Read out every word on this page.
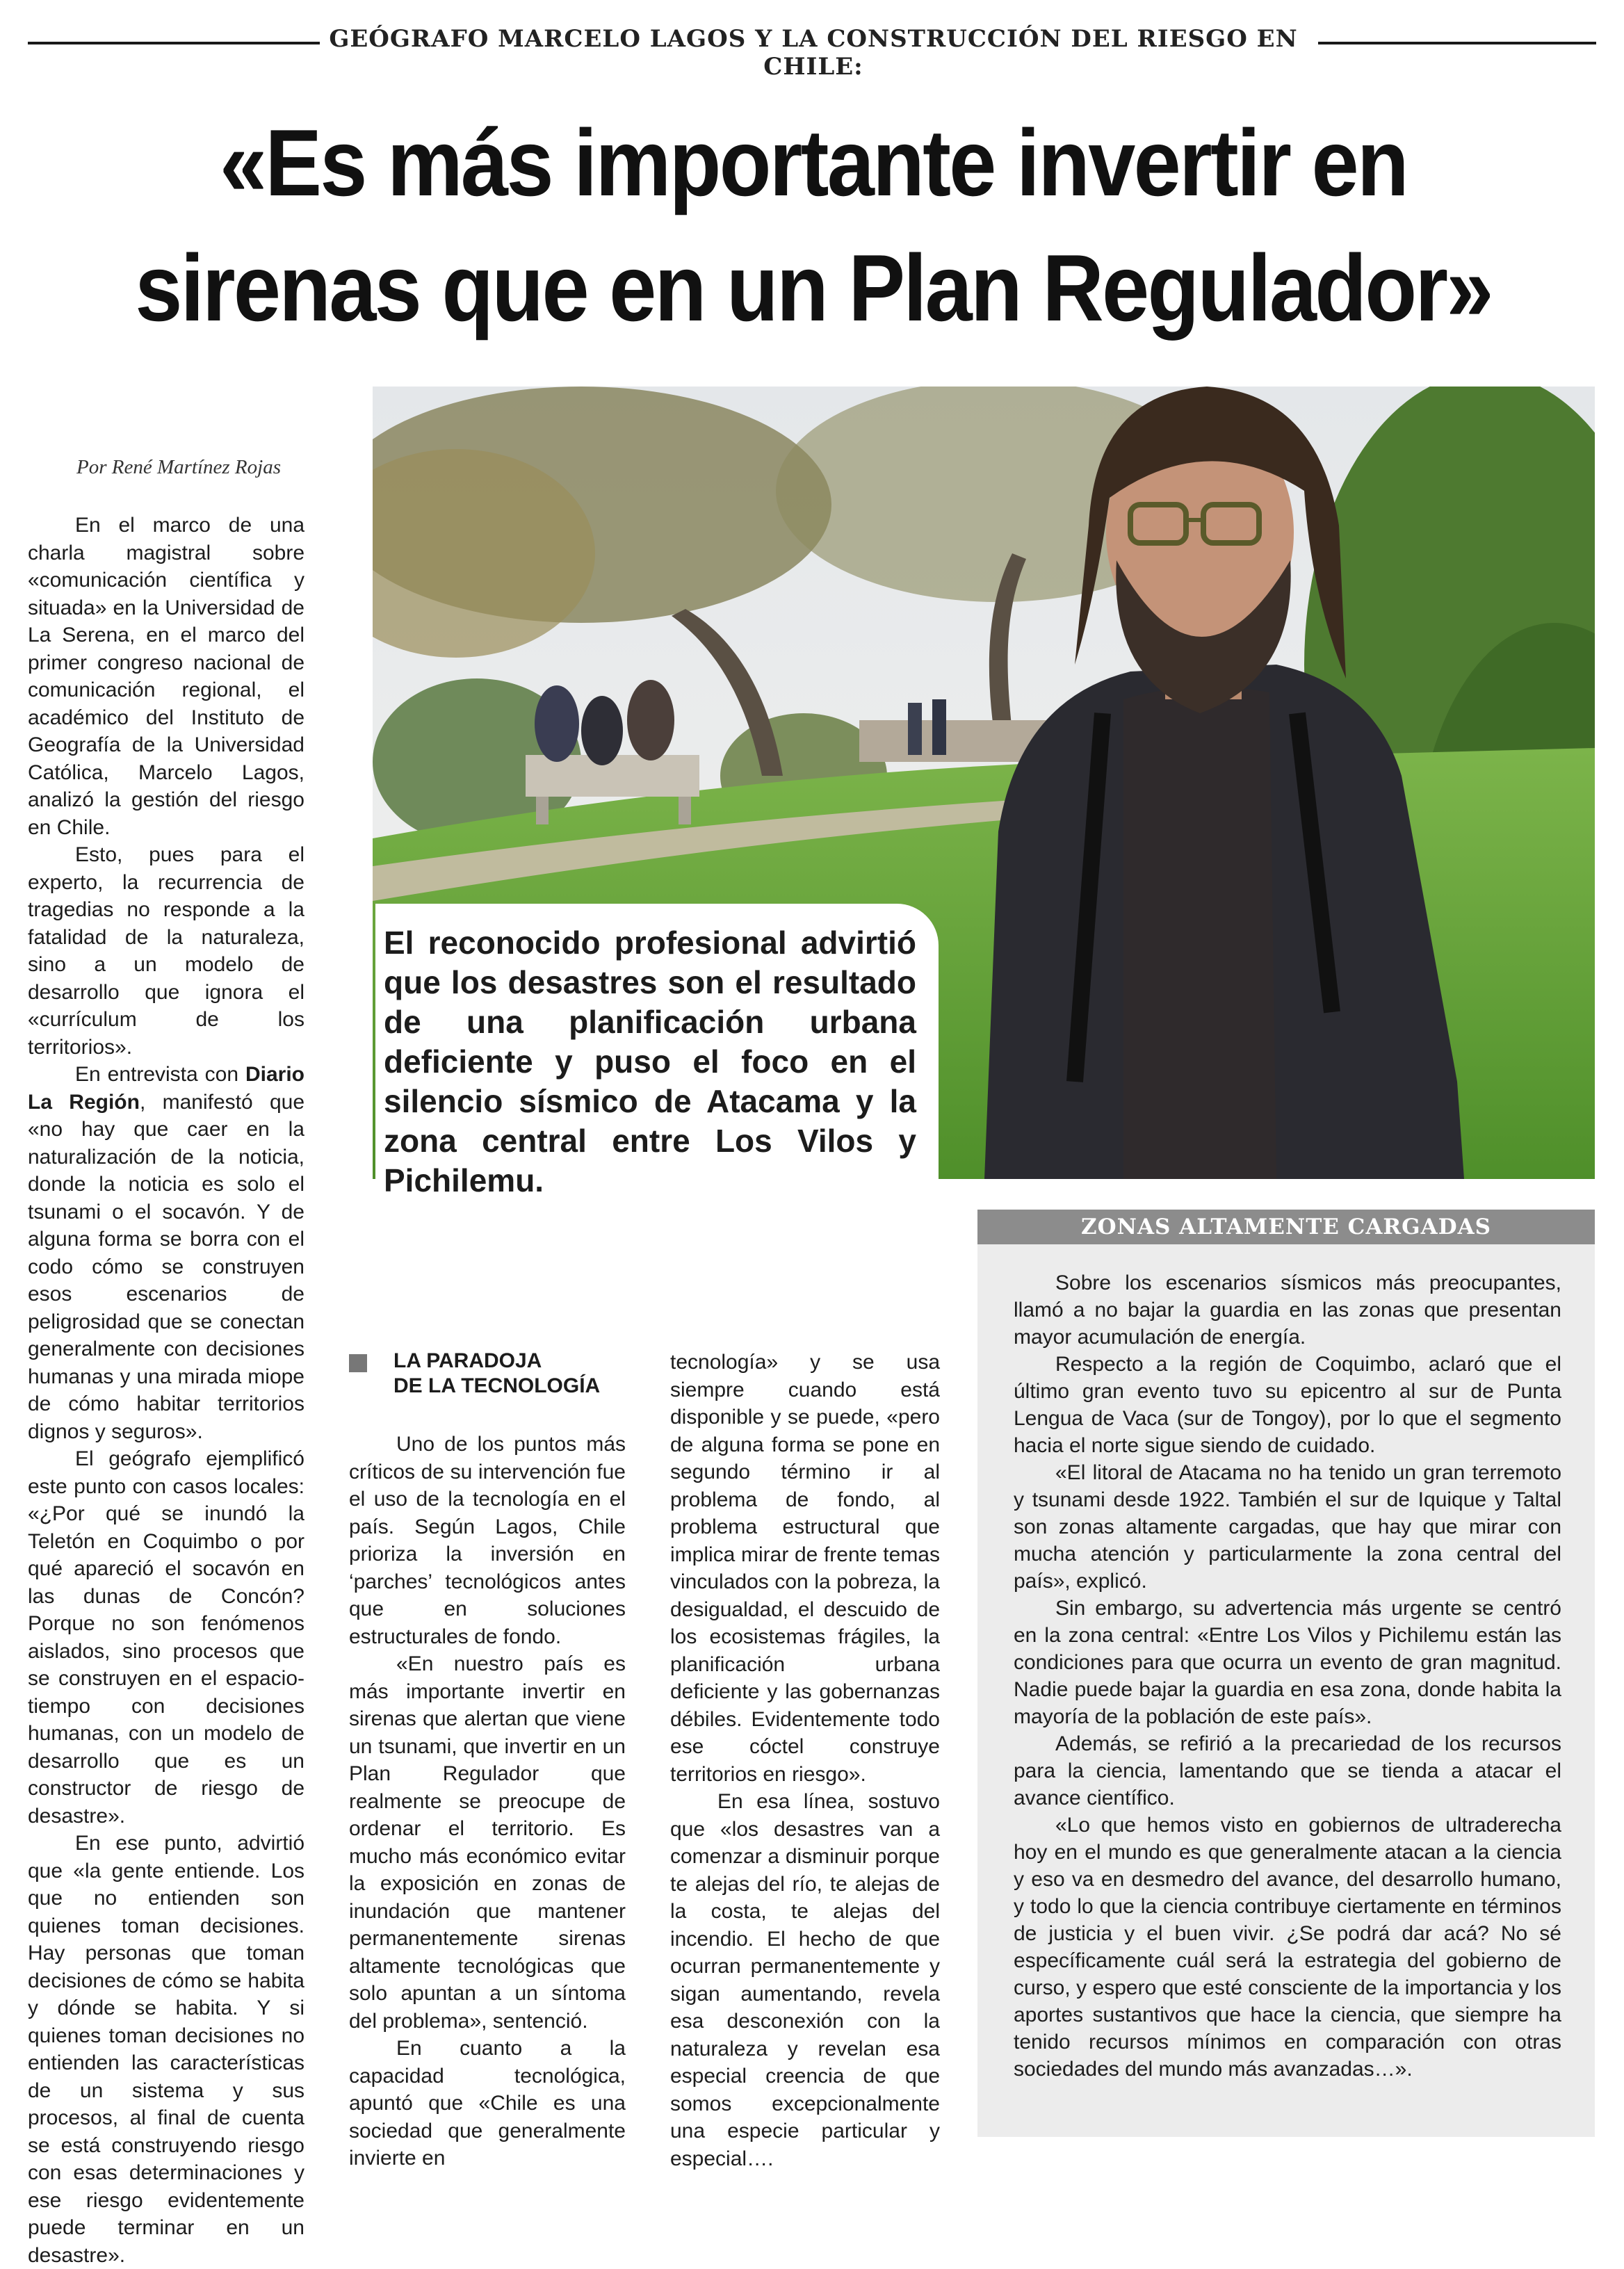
GEÓGRAFO MARCELO LAGOS Y LA CONSTRUCCIÓN DEL RIESGO EN CHILE:
«Es más importante invertir en
sirenas que en un Plan Regulador»
El reconocido profesional advirtió que los desastres son el resultado de una planificación urbana deficiente y puso el foco en el silencio sísmico de Atacama y la zona central entre Los Vilos y Pichilemu.
Por René Martínez Rojas

En el marco de una charla magistral sobre «comunicación científica y situada» en la Universidad de La Serena, en el marco del primer congreso nacional de comunicación regional, el académico del Instituto de Geografía de la Universidad Católica, Marcelo Lagos, analizó la gestión del riesgo en Chile.

Esto, pues para el experto, la recurrencia de tragedias no responde a la fatalidad de la naturaleza, sino a un modelo de desarrollo que ignora el «currículum de los territorios».

En entrevista con Diario La Región, manifestó que «no hay que caer en la naturalización de la noticia, donde la noticia es solo el tsunami o el socavón. Y de alguna forma se borra con el codo cómo se construyen esos escenarios de peligrosidad que se conectan generalmente con decisiones humanas y una mirada miope de cómo habitar territorios dignos y seguros».

El geógrafo ejemplificó este punto con casos locales: «¿Por qué se inundó la Teletón en Coquimbo o por qué apareció el socavón en las dunas de Concón? Porque no son fenómenos aislados, sino procesos que se construyen en el espacio-tiempo con decisiones humanas, con un modelo de desarrollo que es un constructor de riesgo de desastre».

En ese punto, advirtió que «la gente entiende. Los que no entienden son quienes toman decisiones. Hay personas que toman decisiones de cómo se habita y dónde se habita. Y si quienes toman decisiones no entienden las características de un sistema y sus procesos, al final de cuenta se está construyendo riesgo con esas determinaciones y ese riesgo evidentemente puede terminar en un desastre».

LA PARADOJA
DE LA TECNOLOGÍA

Uno de los puntos más críticos de su intervención fue el uso de la tecnología en el país. Según Lagos, Chile prioriza la inversión en ‘parches’ tecnológicos antes que en soluciones estructurales de fondo.

«En nuestro país es más importante invertir en sirenas que alertan que viene un tsunami, que invertir en un Plan Regulador que realmente se preocupe de ordenar el territorio. Es mucho más económico evitar la exposición en zonas de inundación que mantener permanentemente sirenas altamente tecnológicas que solo apuntan a un síntoma del problema», sentenció.

En cuanto a la capacidad tecnológica, apuntó que «Chile es una sociedad que generalmente invierte en

tecnología» y se usa siempre cuando está disponible y se puede, «pero de alguna forma se pone en segundo término ir al problema de fondo, al problema estructural que implica mirar de frente temas vinculados con la pobreza, la desigualdad, el descuido de los ecosistemas frágiles, la planificación urbana deficiente y las gobernanzas débiles. Evidentemente todo ese cóctel construye territorios en riesgo».

En esa línea, sostuvo que «los desastres van a comenzar a disminuir porque te alejas del río, te alejas de la costa, te alejas del incendio. El hecho de que ocurran permanentemente y sigan aumentando, revela esa desconexión con la naturaleza y revelan esa especial creencia de que somos excepcionalmente una especie particular y especial….

ZONAS ALTAMENTE CARGADAS

Sobre los escenarios sísmicos más preocupantes, llamó a no bajar la guardia en las zonas que presentan mayor acumulación de energía.

Respecto a la región de Coquimbo, aclaró que el último gran evento tuvo su epicentro al sur de Punta Lengua de Vaca (sur de Tongoy), por lo que el segmento hacia el norte sigue siendo de cuidado.

«El litoral de Atacama no ha tenido un gran terremoto y tsunami desde 1922. También el sur de Iquique y Taltal son zonas altamente cargadas, que hay que mirar con mucha atención y particularmente la zona central del país», explicó.

Sin embargo, su advertencia más urgente se centró en la zona central: «Entre Los Vilos y Pichilemu están las condiciones para que ocurra un evento de gran magnitud. Nadie puede bajar la guardia en esa zona, donde habita la mayoría de la población de este país».

Además, se refirió a la precariedad de los recursos para la ciencia, lamentando que se tienda a atacar el avance científico.

«Lo que hemos visto en gobiernos de ultraderecha hoy en el mundo es que generalmente atacan a la ciencia y eso va en desmedro del avance, del desarrollo humano, y todo lo que la ciencia contribuye ciertamente en términos de justicia y el buen vivir. ¿Se podrá dar acá? No sé específicamente cuál será la estrategia del gobierno de curso, y espero que esté consciente de la importancia y los aportes sustantivos que hace la ciencia, que siempre ha tenido recursos mínimos en comparación con otras sociedades del mundo más avanzadas…».
